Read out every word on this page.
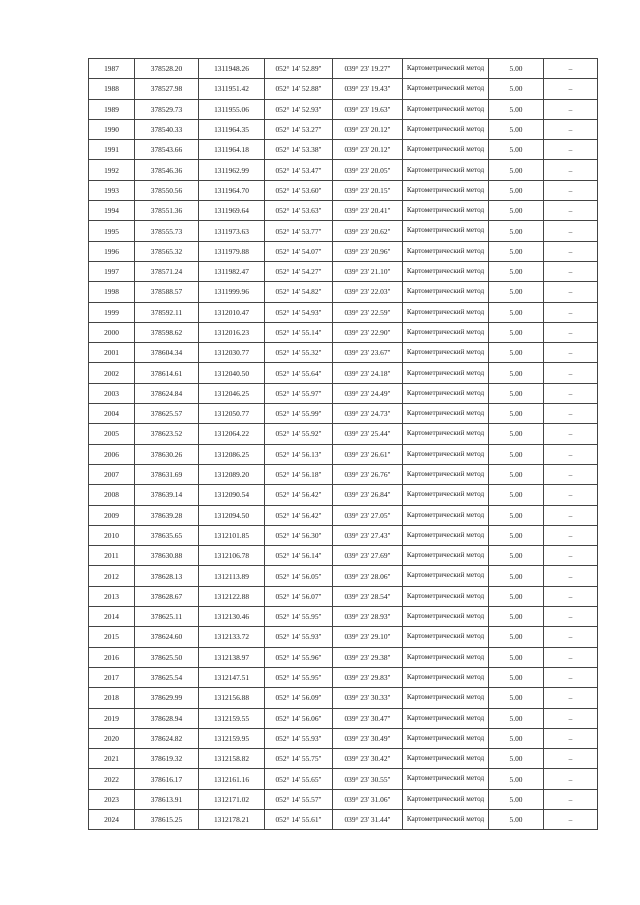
1987	378528.20	1311948.26	052° 14' 52.89"	039° 23' 19.27"	Картометрический метод	5.00	–
1988	378527.98	1311951.42	052° 14' 52.88"	039° 23' 19.43"	Картометрический метод	5.00	–
1989	378529.73	1311955.06	052° 14' 52.93"	039° 23' 19.63"	Картометрический метод	5.00	–
1990	378540.33	1311964.35	052° 14' 53.27"	039° 23' 20.12"	Картометрический метод	5.00	–
1991	378543.66	1311964.18	052° 14' 53.38"	039° 23' 20.12"	Картометрический метод	5.00	–
1992	378546.36	1311962.99	052° 14' 53.47"	039° 23' 20.05"	Картометрический метод	5.00	–
1993	378550.56	1311964.70	052° 14' 53.60"	039° 23' 20.15"	Картометрический метод	5.00	–
1994	378551.36	1311969.64	052° 14' 53.63"	039° 23' 20.41"	Картометрический метод	5.00	–
1995	378555.73	1311973.63	052° 14' 53.77"	039° 23' 20.62"	Картометрический метод	5.00	–
1996	378565.32	1311979.88	052° 14' 54.07"	039° 23' 20.96"	Картометрический метод	5.00	–
1997	378571.24	1311982.47	052° 14' 54.27"	039° 23' 21.10"	Картометрический метод	5.00	–
1998	378588.57	1311999.96	052° 14' 54.82"	039° 23' 22.03"	Картометрический метод	5.00	–
1999	378592.11	1312010.47	052° 14' 54.93"	039° 23' 22.59"	Картометрический метод	5.00	–
2000	378598.62	1312016.23	052° 14' 55.14"	039° 23' 22.90"	Картометрический метод	5.00	–
2001	378604.34	1312030.77	052° 14' 55.32"	039° 23' 23.67"	Картометрический метод	5.00	–
2002	378614.61	1312040.50	052° 14' 55.64"	039° 23' 24.18"	Картометрический метод	5.00	–
2003	378624.84	1312046.25	052° 14' 55.97"	039° 23' 24.49"	Картометрический метод	5.00	–
2004	378625.57	1312050.77	052° 14' 55.99"	039° 23' 24.73"	Картометрический метод	5.00	–
2005	378623.52	1312064.22	052° 14' 55.92"	039° 23' 25.44"	Картометрический метод	5.00	–
2006	378630.26	1312086.25	052° 14' 56.13"	039° 23' 26.61"	Картометрический метод	5.00	–
2007	378631.69	1312089.20	052° 14' 56.18"	039° 23' 26.76"	Картометрический метод	5.00	–
2008	378639.14	1312090.54	052° 14' 56.42"	039° 23' 26.84"	Картометрический метод	5.00	–
2009	378639.28	1312094.50	052° 14' 56.42"	039° 23' 27.05"	Картометрический метод	5.00	–
2010	378635.65	1312101.85	052° 14' 56.30"	039° 23' 27.43"	Картометрический метод	5.00	–
2011	378630.88	1312106.78	052° 14' 56.14"	039° 23' 27.69"	Картометрический метод	5.00	–
2012	378628.13	1312113.89	052° 14' 56.05"	039° 23' 28.06"	Картометрический метод	5.00	–
2013	378628.67	1312122.88	052° 14' 56.07"	039° 23' 28.54"	Картометрический метод	5.00	–
2014	378625.11	1312130.46	052° 14' 55.95"	039° 23' 28.93"	Картометрический метод	5.00	–
2015	378624.60	1312133.72	052° 14' 55.93"	039° 23' 29.10"	Картометрический метод	5.00	–
2016	378625.50	1312138.97	052° 14' 55.96"	039° 23' 29.38"	Картометрический метод	5.00	–
2017	378625.54	1312147.51	052° 14' 55.95"	039° 23' 29.83"	Картометрический метод	5.00	–
2018	378629.99	1312156.88	052° 14' 56.09"	039° 23' 30.33"	Картометрический метод	5.00	–
2019	378628.94	1312159.55	052° 14' 56.06"	039° 23' 30.47"	Картометрический метод	5.00	–
2020	378624.82	1312159.95	052° 14' 55.93"	039° 23' 30.49"	Картометрический метод	5.00	–
2021	378619.32	1312158.82	052° 14' 55.75"	039° 23' 30.42"	Картометрический метод	5.00	–
2022	378616.17	1312161.16	052° 14' 55.65"	039° 23' 30.55"	Картометрический метод	5.00	–
2023	378613.91	1312171.02	052° 14' 55.57"	039° 23' 31.06"	Картометрический метод	5.00	–
2024	378615.25	1312178.21	052° 14' 55.61"	039° 23' 31.44"	Картометрический метод	5.00	–
